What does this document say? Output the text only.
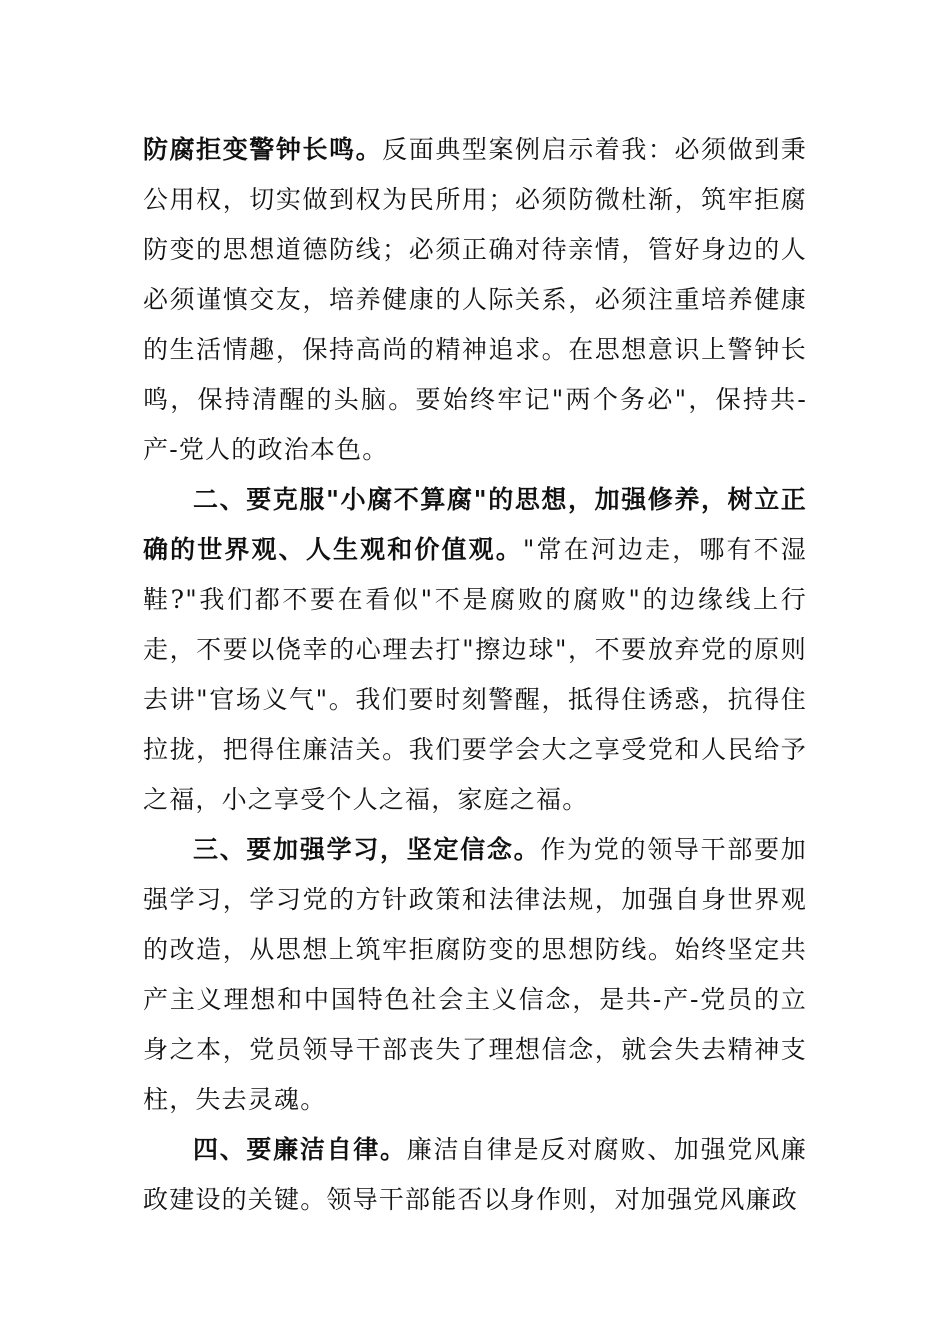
防腐拒变警钟长鸣。反面典型案例启示着我：必须做到秉公用权，切实做到权为民所用；必须防微杜渐，筑牢拒腐防变的思想道德防线；必须正确对待亲情，管好身边的人必须谨慎交友，培养健康的人际关系，必须注重培养健康的生活情趣，保持高尚的精神追求。在思想意识上警钟长鸣，保持清醒的头脑。要始终牢记"两个务必"，保持共-产-党人的政治本色。

二、要克服"小腐不算腐"的思想，加强修养，树立正确的世界观、人生观和价值观。"常在河边走，哪有不湿鞋?"我们都不要在看似"不是腐败的腐败"的边缘线上行走，不要以侥幸的心理去打"擦边球"，不要放弃党的原则去讲"官场义气"。我们要时刻警醒，抵得住诱惑，抗得住拉拢，把得住廉洁关。我们要学会大之享受党和人民给予之福，小之享受个人之福，家庭之福。

三、要加强学习，坚定信念。作为党的领导干部要加强学习，学习党的方针政策和法律法规，加强自身世界观的改造，从思想上筑牢拒腐防变的思想防线。始终坚定共产主义理想和中国特色社会主义信念，是共-产-党员的立身之本，党员领导干部丧失了理想信念，就会失去精神支柱，失去灵魂。

四、要廉洁自律。廉洁自律是反对腐败、加强党风廉政建设的关键。领导干部能否以身作则，对加强党风廉政
